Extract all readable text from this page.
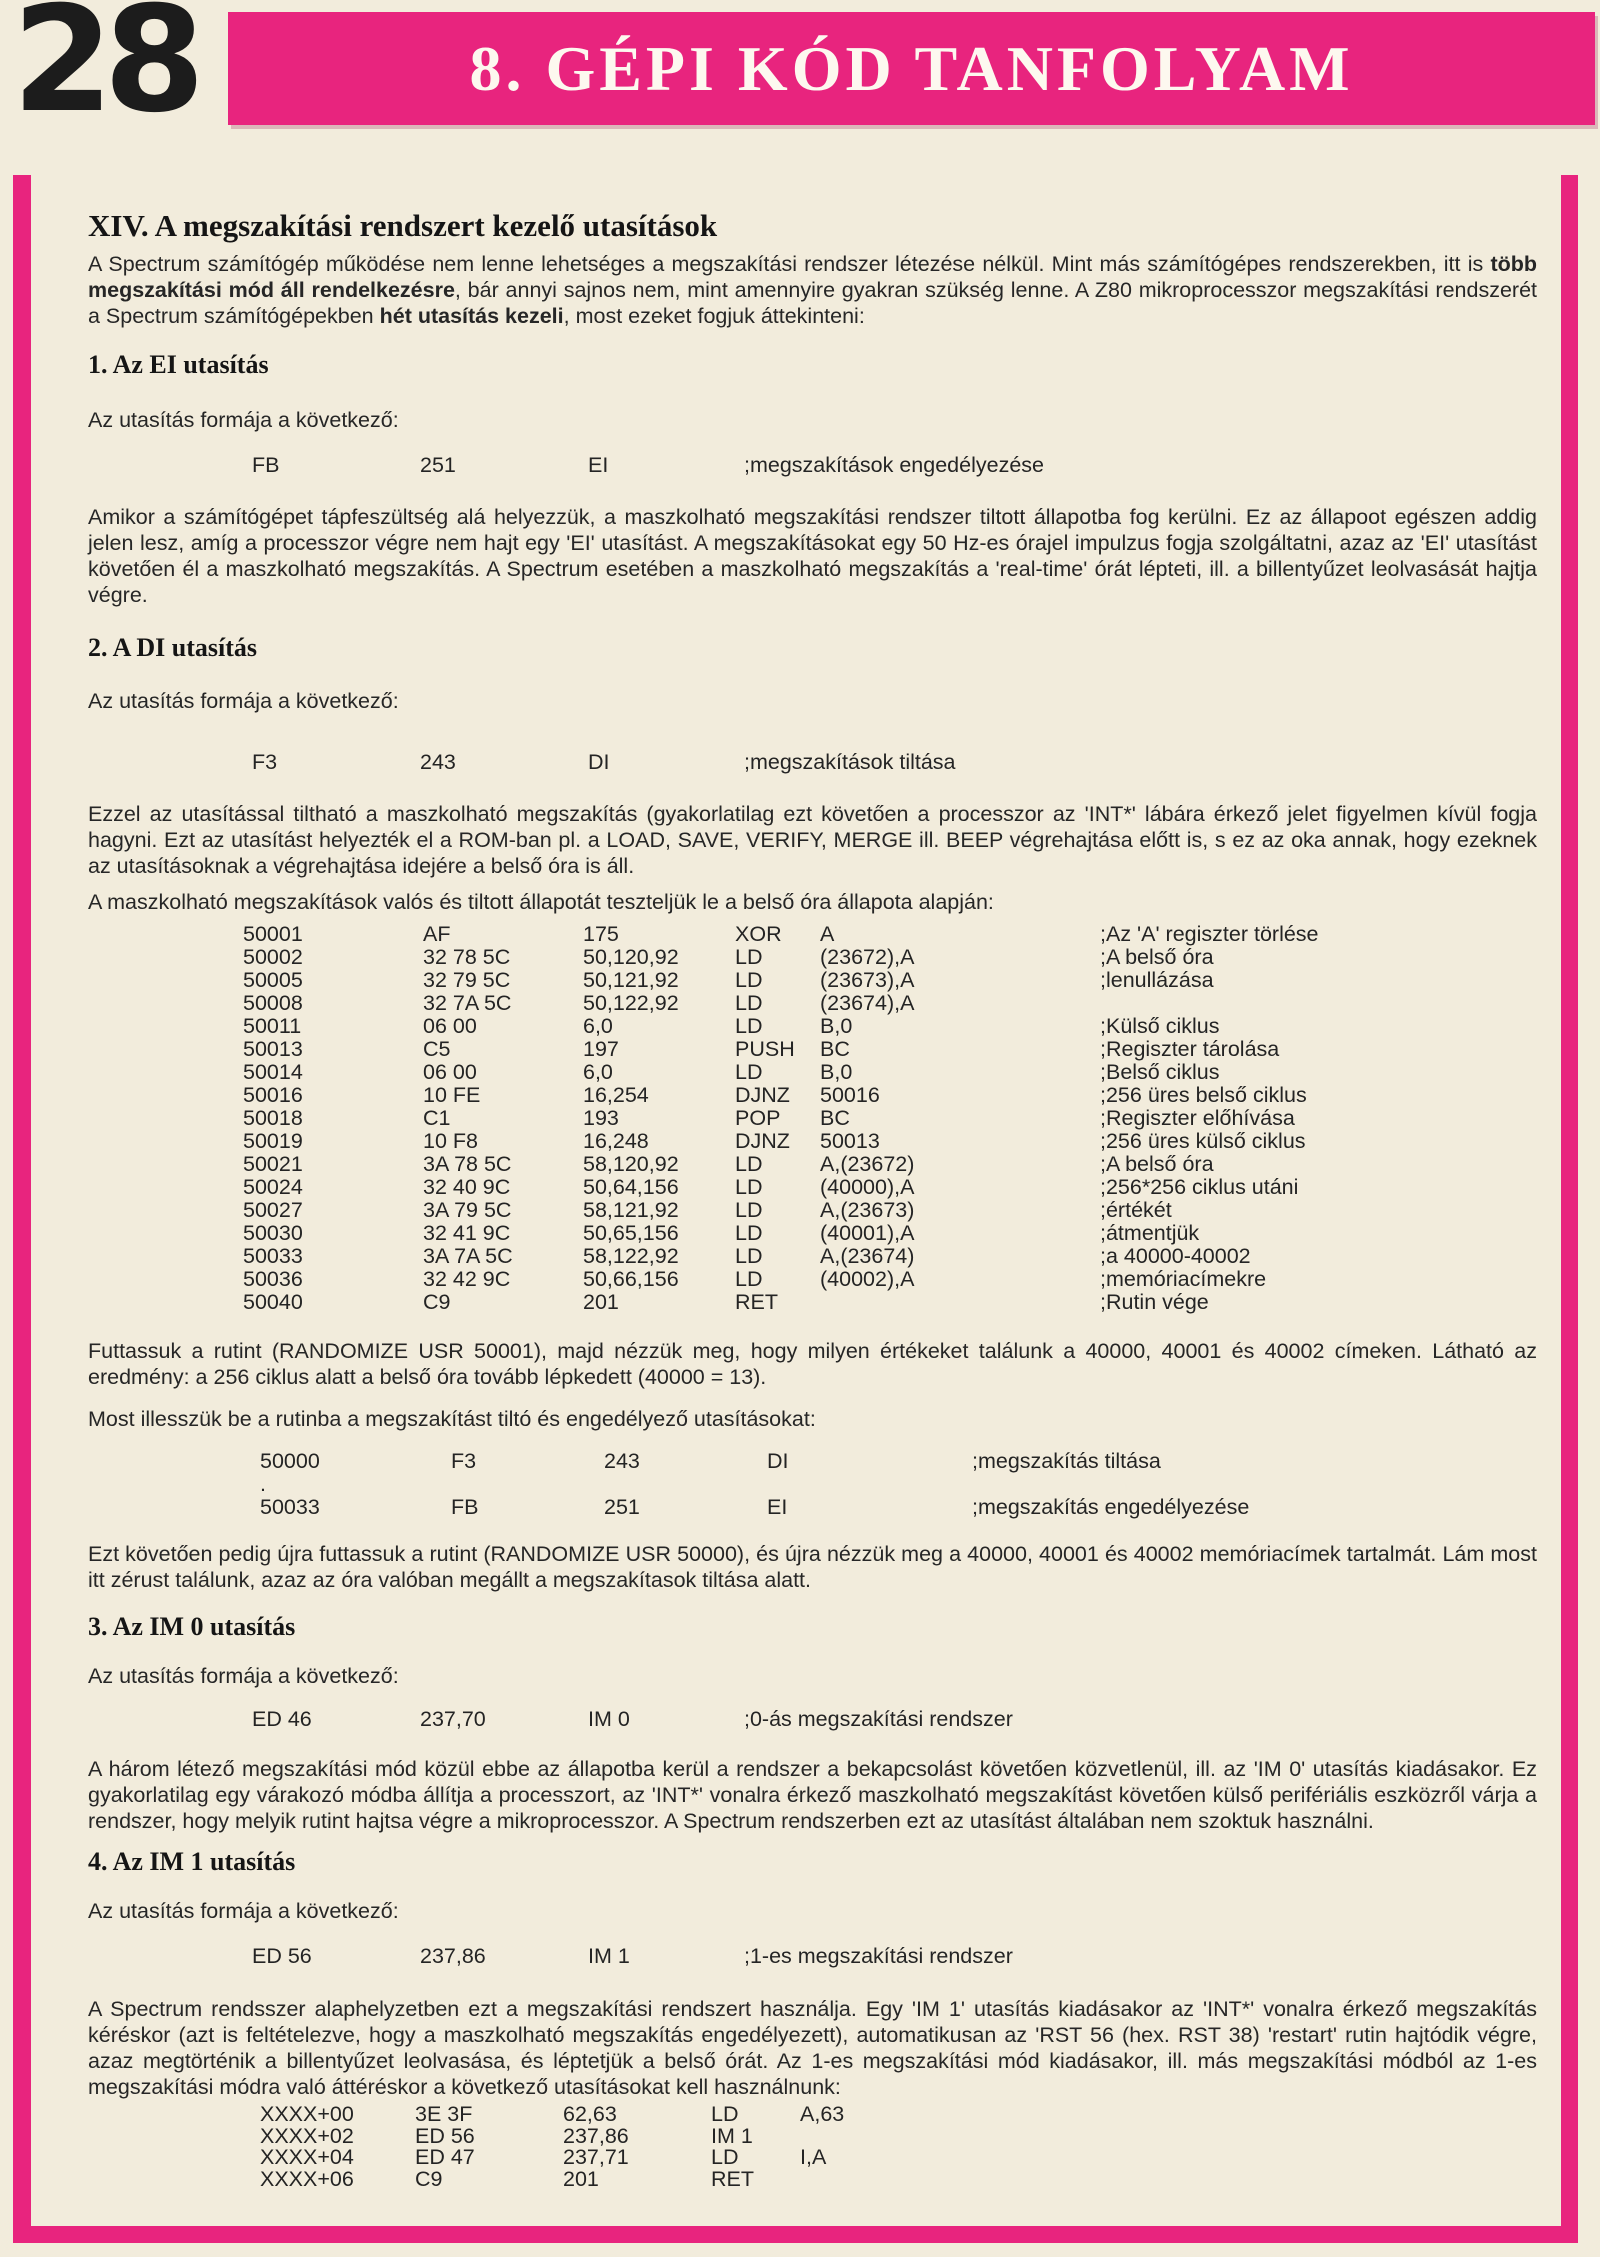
28	8. GÉPI KÓD TANFOLYAM
XIV. A megszakítási rendszert kezelő utasítások

A Spectrum számítógép működése nem lenne lehetséges a megszakítási rendszer létezése nélkül. Mint más számítógépes rendszerekben, itt is több megszakítási mód áll rendelkezésre, bár annyi sajnos nem, mint amennyire gyakran szükség lenne. A Z80 mikroprocesszor megszakítási rendszerét a Spectrum számítógépekben hét utasítás kezeli, most ezeket fogjuk áttekinteni:

1. Az EI utasítás

Az utasítás formája a következő:

FB	251	EI	;megszakítások engedélyezése

Amikor a számítógépet tápfeszültség alá helyezzük, a maszkolható megszakítási rendszer tiltott állapotba fog kerülni. Ez az állapoot egészen addig jelen lesz, amíg a processzor végre nem hajt egy 'EI' utasítást. A megszakításokat egy 50 Hz-es órajel impulzus fogja szolgáltatni, azaz az 'EI' utasítást követően él a maszkolható megszakítás. A Spectrum esetében a maszkolható megszakítás a 'real-time' órát lépteti, ill. a billentyűzet leolvasását hajtja végre.

2. A DI utasítás

Az utasítás formája a következő:

F3	243	DI	;megszakítások tiltása

Ezzel az utasítással tiltható a maszkolható megszakítás (gyakorlatilag ezt követően a processzor az 'INT*' lábára érkező jelet figyelmen kívül fogja hagyni. Ezt az utasítást helyezték el a ROM-ban pl. a LOAD, SAVE, VERIFY, MERGE ill. BEEP végrehajtása előtt is, s ez az oka annak, hogy ezeknek az utasításoknak a végrehajtása idejére a belső óra is áll.

A maszkolható megszakítások valós és tiltott állapotát teszteljük le a belső óra állapota alapján:

50001	AF	175	XOR	A	;Az 'A' regiszter törlése
50002	32 78 5C	50,120,92	LD	(23672),A	;A belső óra
50005	32 79 5C	50,121,92	LD	(23673),A	;lenullázása
50008	32 7A 5C	50,122,92	LD	(23674),A
50011	06 00	6,0	LD	B,0	;Külső ciklus
50013	C5	197	PUSH	BC	;Regiszter tárolása
50014	06 00	6,0	LD	B,0	;Belső ciklus
50016	10 FE	16,254	DJNZ	50016	;256 üres belső ciklus
50018	C1	193	POP	BC	;Regiszter előhívása
50019	10 F8	16,248	DJNZ	50013	;256 üres külső ciklus
50021	3A 78 5C	58,120,92	LD	A,(23672)	;A belső óra
50024	32 40 9C	50,64,156	LD	(40000),A	;256*256 ciklus utáni
50027	3A 79 5C	58,121,92	LD	A,(23673)	;értékét
50030	32 41 9C	50,65,156	LD	(40001),A	;átmentjük
50033	3A 7A 5C	58,122,92	LD	A,(23674)	;a 40000-40002
50036	32 42 9C	50,66,156	LD	(40002),A	;memóriacímekre
50040	C9	201	RET	;Rutin vége

Futtassuk a rutint (RANDOMIZE USR 50001), majd nézzük meg, hogy milyen értékeket találunk a 40000, 40001 és 40002 címeken. Látható az eredmény: a 256 ciklus alatt a belső óra tovább lépkedett (40000 = 13).

Most illesszük be a rutinba a megszakítást tiltó és engedélyező utasításokat:

50000	F3	243	DI	;megszakítás tiltása
.
50033	FB	251	EI	;megszakítás engedélyezése

Ezt követően pedig újra futtassuk a rutint (RANDOMIZE USR 50000), és újra nézzük meg a 40000, 40001 és 40002 memóriacímek tartalmát. Lám most itt zérust találunk, azaz az óra valóban megállt a megszakítasok tiltása alatt.

3. Az IM 0 utasítás

Az utasítás formája a következő:

ED 46	237,70	IM 0	;0-ás megszakítási rendszer

A három létező megszakítási mód közül ebbe az állapotba kerül a rendszer a bekapcsolást követően közvetlenül, ill. az 'IM 0' utasítás kiadásakor. Ez gyakorlatilag egy várakozó módba állítja a processzort, az 'INT*' vonalra érkező maszkolható megszakítást követően külső perifériális eszközről várja a rendszer, hogy melyik rutint hajtsa végre a mikroprocesszor. A Spectrum rendszerben ezt az utasítást általában nem szoktuk használni.

4. Az IM 1 utasítás

Az utasítás formája a következő:

ED 56	237,86	IM 1	;1-es megszakítási rendszer

A Spectrum rendsszer alaphelyzetben ezt a megszakítási rendszert használja. Egy 'IM 1' utasítás kiadásakor az 'INT*' vonalra érkező megszakítás kéréskor (azt is feltételezve, hogy a maszkolható megszakítás engedélyezett), automatikusan az 'RST 56 (hex. RST 38) 'restart' rutin hajtódik végre, azaz megtörténik a billentyűzet leolvasása, és léptetjük a belső órát. Az 1-es megszakítási mód kiadásakor, ill. más megszakítási módból az 1-es megszakítási módra való áttéréskor a következő utasításokat kell használnunk:

XXXX+00	3E 3F	62,63	LD	A,63
XXXX+02	ED 56	237,86	IM 1
XXXX+04	ED 47	237,71	LD	I,A
XXXX+06	C9	201	RET
